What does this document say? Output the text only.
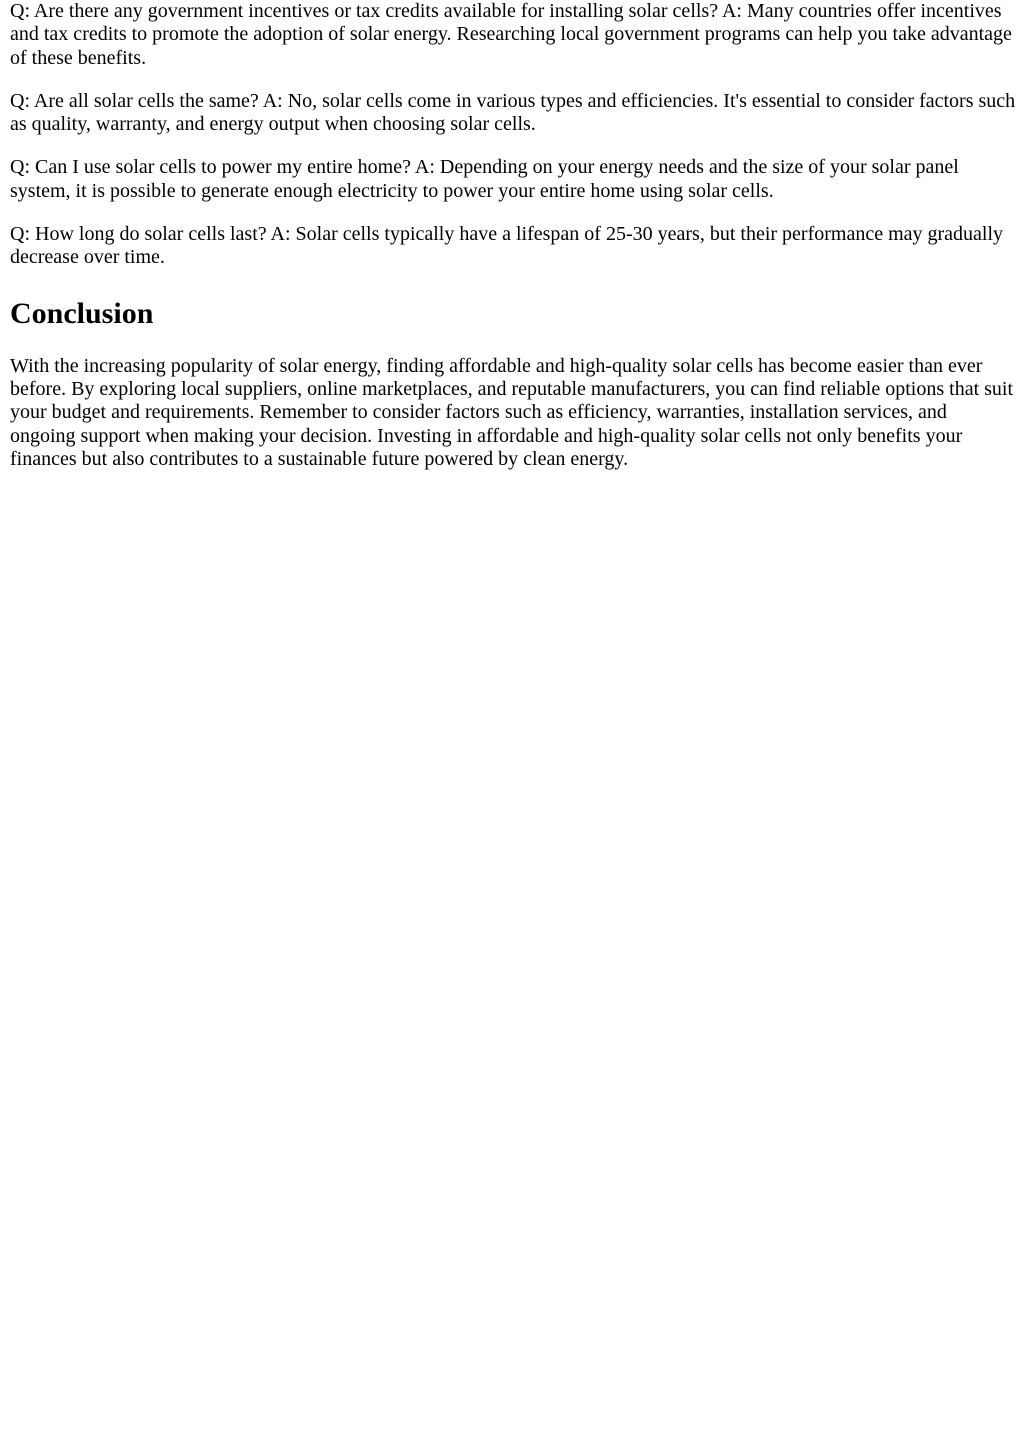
Q: Are there any government incentives or tax credits available for installing solar cells? A: Many countries offer incentives and tax credits to promote the adoption of solar energy. Researching local government programs can help you take advantage of these benefits.

Q: Are all solar cells the same? A: No, solar cells come in various types and efficiencies. It's essential to consider factors such as quality, warranty, and energy output when choosing solar cells.

Q: Can I use solar cells to power my entire home? A: Depending on your energy needs and the size of your solar panel system, it is possible to generate enough electricity to power your entire home using solar cells.

Q: How long do solar cells last? A: Solar cells typically have a lifespan of 25-30 years, but their performance may gradually decrease over time.

Conclusion

With the increasing popularity of solar energy, finding affordable and high-quality solar cells has become easier than ever before. By exploring local suppliers, online marketplaces, and reputable manufacturers, you can find reliable options that suit your budget and requirements. Remember to consider factors such as efficiency, warranties, installation services, and ongoing support when making your decision. Investing in affordable and high-quality solar cells not only benefits your finances but also contributes to a sustainable future powered by clean energy.
